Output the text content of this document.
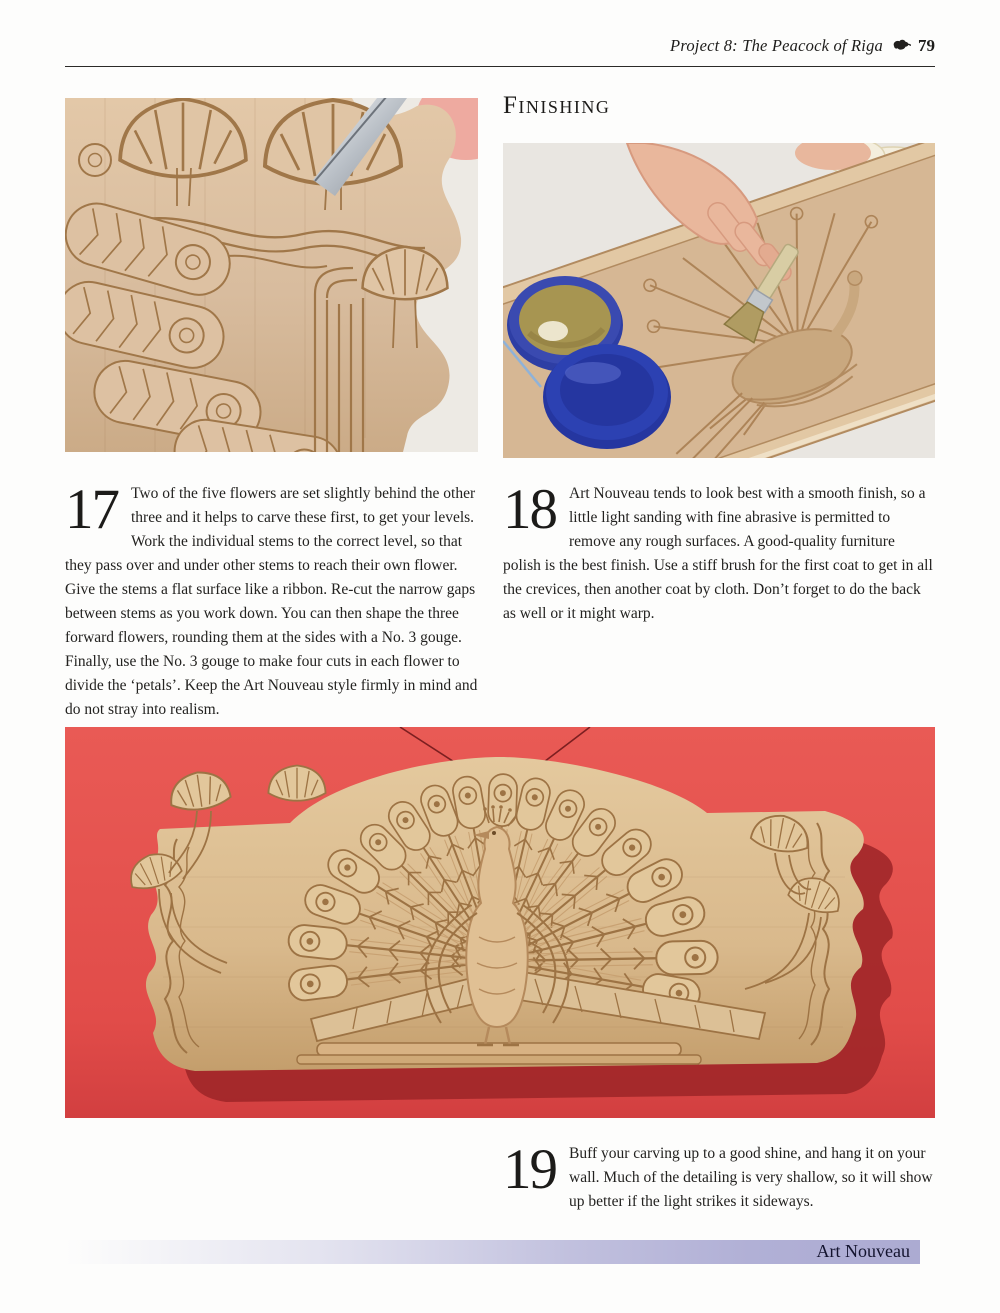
Project 8: The Peacock of Riga 79
Finishing
17 Two of the five flowers are set slightly behind the other three and it helps to carve these first, to get your levels. Work the individual stems to the correct level, so that they pass over and under other stems to reach their own flower. Give the stems a flat surface like a ribbon. Re-cut the narrow gaps between stems as you work down. You can then shape the three forward flowers, rounding them at the sides with a No. 3 gouge. Finally, use the No. 3 gouge to make four cuts in each flower to divide the ‘petals’. Keep the Art Nouveau style firmly in mind and do not stray into realism.
18 Art Nouveau tends to look best with a smooth finish, so a little light sanding with fine abrasive is permitted to remove any rough surfaces. A good-quality furniture polish is the best finish. Use a stiff brush for the first coat to get in all the crevices, then another coat by cloth. Don’t forget to do the back as well or it might warp.
19 Buff your carving up to a good shine, and hang it on your wall. Much of the detailing is very shallow, so it will show up better if the light strikes it sideways.
Art Nouveau
